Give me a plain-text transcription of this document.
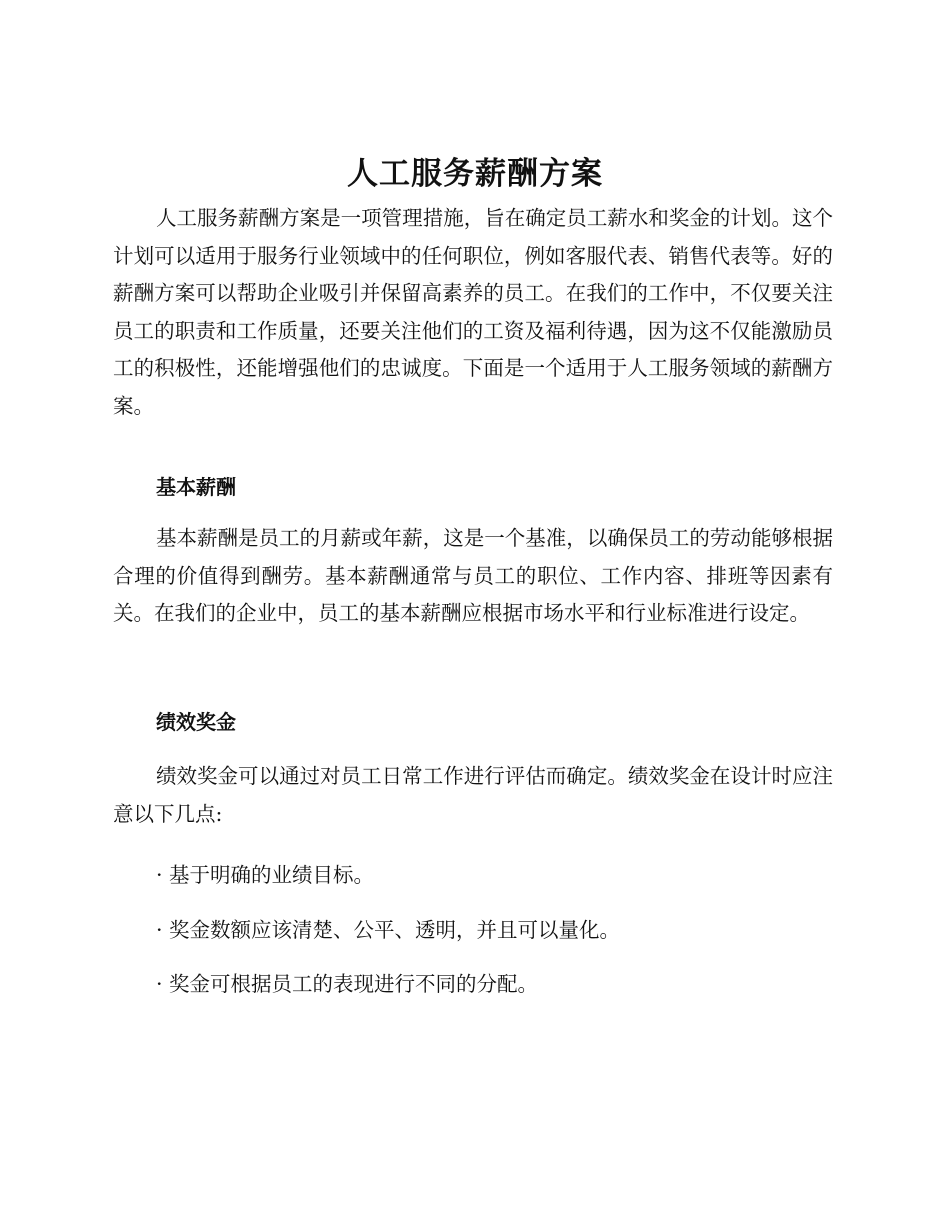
人工服务薪酬方案

人工服务薪酬方案是一项管理措施，旨在确定员工薪水和奖金的计划。这个计划可以适用于服务行业领域中的任何职位，例如客服代表、销售代表等。好的薪酬方案可以帮助企业吸引并保留高素养的员工。在我们的工作中，不仅要关注员工的职责和工作质量，还要关注他们的工资及福利待遇，因为这不仅能激励员工的积极性，还能增强他们的忠诚度。下面是一个适用于人工服务领域的薪酬方案。

基本薪酬

基本薪酬是员工的月薪或年薪，这是一个基准，以确保员工的劳动能够根据合理的价值得到酬劳。基本薪酬通常与员工的职位、工作内容、排班等因素有关。在我们的企业中，员工的基本薪酬应根据市场水平和行业标准进行设定。

绩效奖金

绩效奖金可以通过对员工日常工作进行评估而确定。绩效奖金在设计时应注意以下几点:

· 基于明确的业绩目标。

· 奖金数额应该清楚、公平、透明，并且可以量化。

· 奖金可根据员工的表现进行不同的分配。
